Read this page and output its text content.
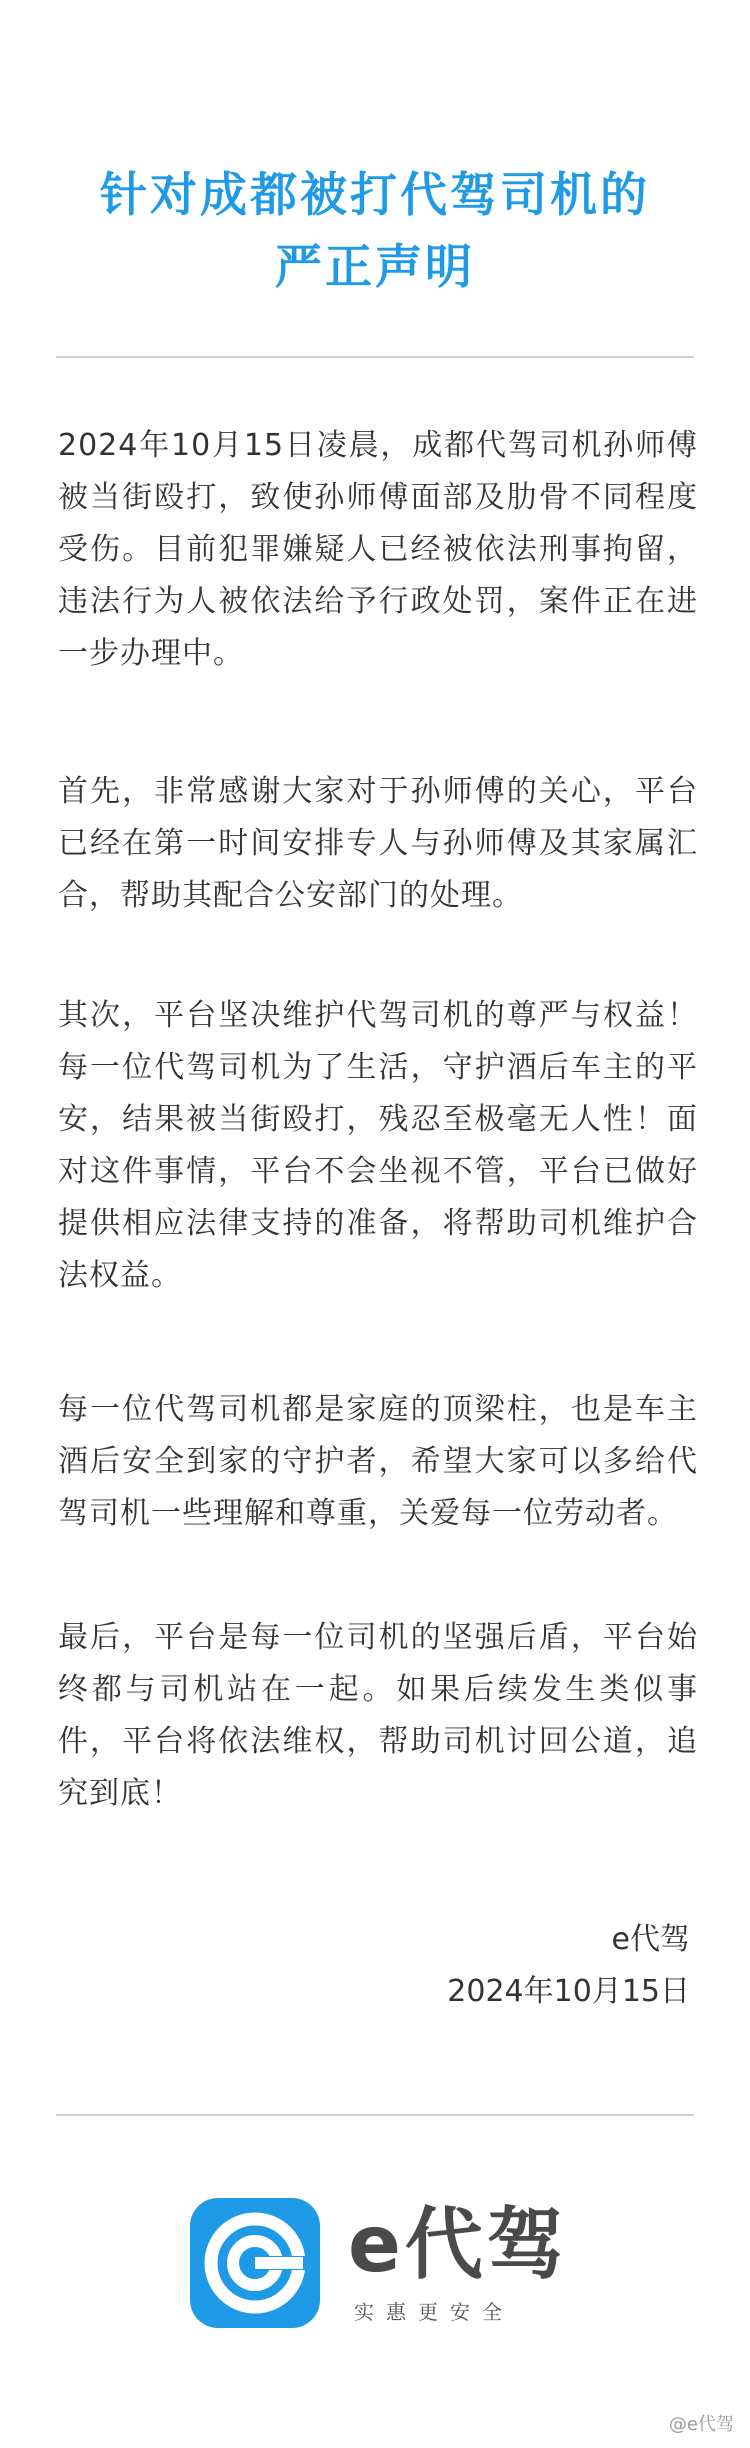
针对成都被打代驾司机的
严正声明

2024年10月15日凌晨，成都代驾司机孙师傅被当街殴打，致使孙师傅面部及肋骨不同程度受伤。目前犯罪嫌疑人已经被依法刑事拘留，违法行为人被依法给予行政处罚，案件正在进一步办理中。

首先，非常感谢大家对于孙师傅的关心，平台已经在第一时间安排专人与孙师傅及其家属汇合，帮助其配合公安部门的处理。

其次，平台坚决维护代驾司机的尊严与权益！每一位代驾司机为了生活，守护酒后车主的平安，结果被当街殴打，残忍至极毫无人性！面对这件事情，平台不会坐视不管，平台已做好提供相应法律支持的准备，将帮助司机维护合法权益。

每一位代驾司机都是家庭的顶梁柱，也是车主酒后安全到家的守护者，希望大家可以多给代驾司机一些理解和尊重，关爱每一位劳动者。

最后，平台是每一位司机的坚强后盾，平台始终都与司机站在一起。如果后续发生类似事件，平台将依法维权，帮助司机讨回公道，追究到底！

e代驾
2024年10月15日
e代驾
实惠更安全
@e代驾
